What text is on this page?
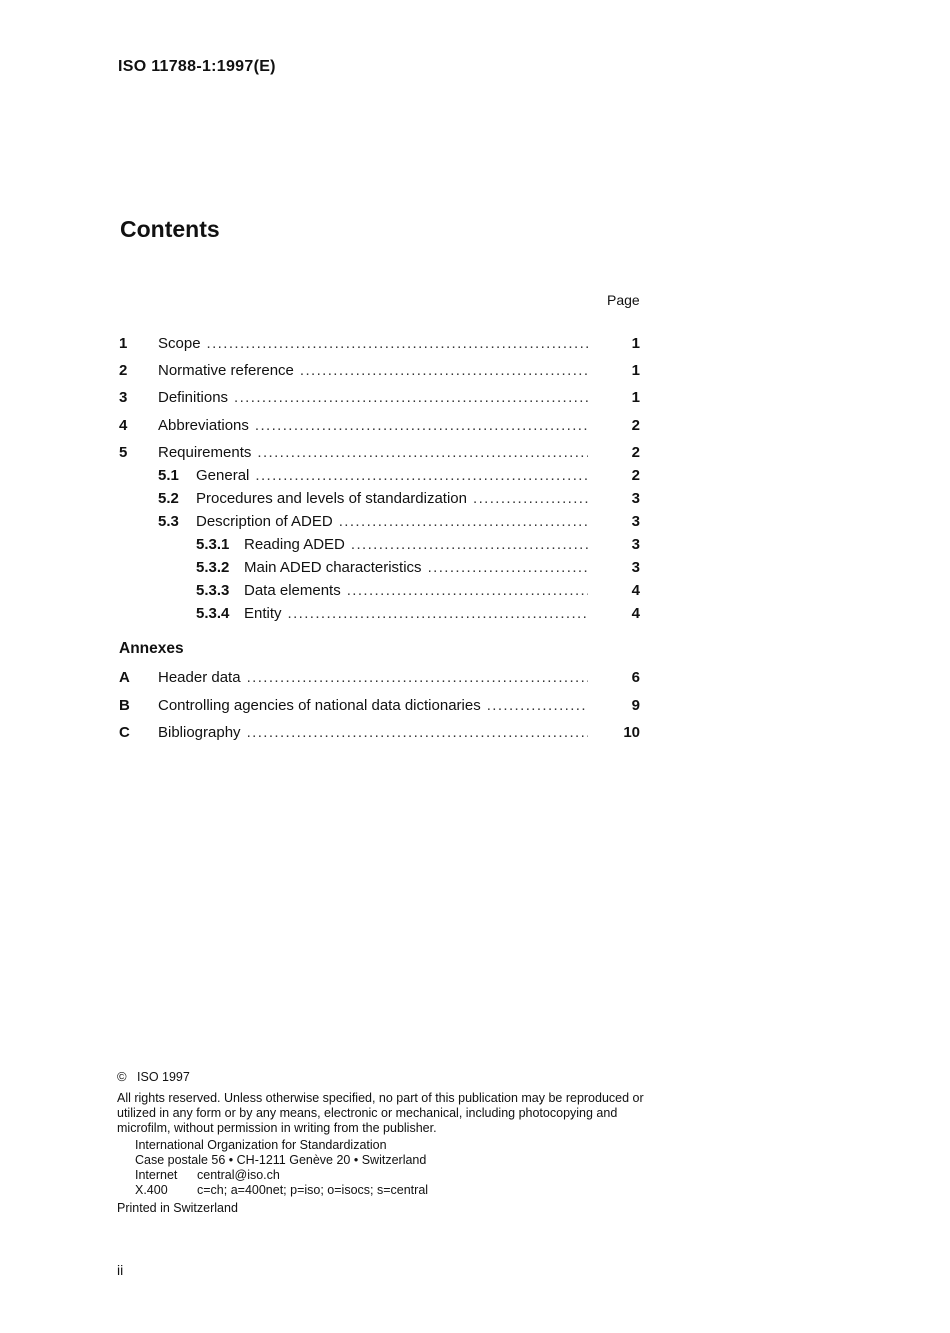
ISO 11788-1:1997(E)
Contents
Page
1 Scope .....	1
2 Normative reference .....	1
3 Definitions .....	1
4 Abbreviations .....	2
5 Requirements .....	2
5.1 General .....	2
5.2 Procedures and levels of standardization .....	3
5.3 Description of ADED .....	3
5.3.1 Reading ADED .....	3
5.3.2 Main ADED characteristics .....	3
5.3.3 Data elements .....	4
5.3.4 Entity .....	4
Annexes
A Header data .....	6
B Controlling agencies of national data dictionaries .....	9
C Bibliography .....	10
© ISO 1997
All rights reserved. Unless otherwise specified, no part of this publication may be reproduced or utilized in any form or by any means, electronic or mechanical, including photocopying and microfilm, without permission in writing from the publisher.
International Organization for Standardization
Case postale 56 • CH-1211 Genève 20 • Switzerland
Internet central@iso.ch
X.400 c=ch; a=400net; p=iso; o=isocs; s=central
Printed in Switzerland
ii
